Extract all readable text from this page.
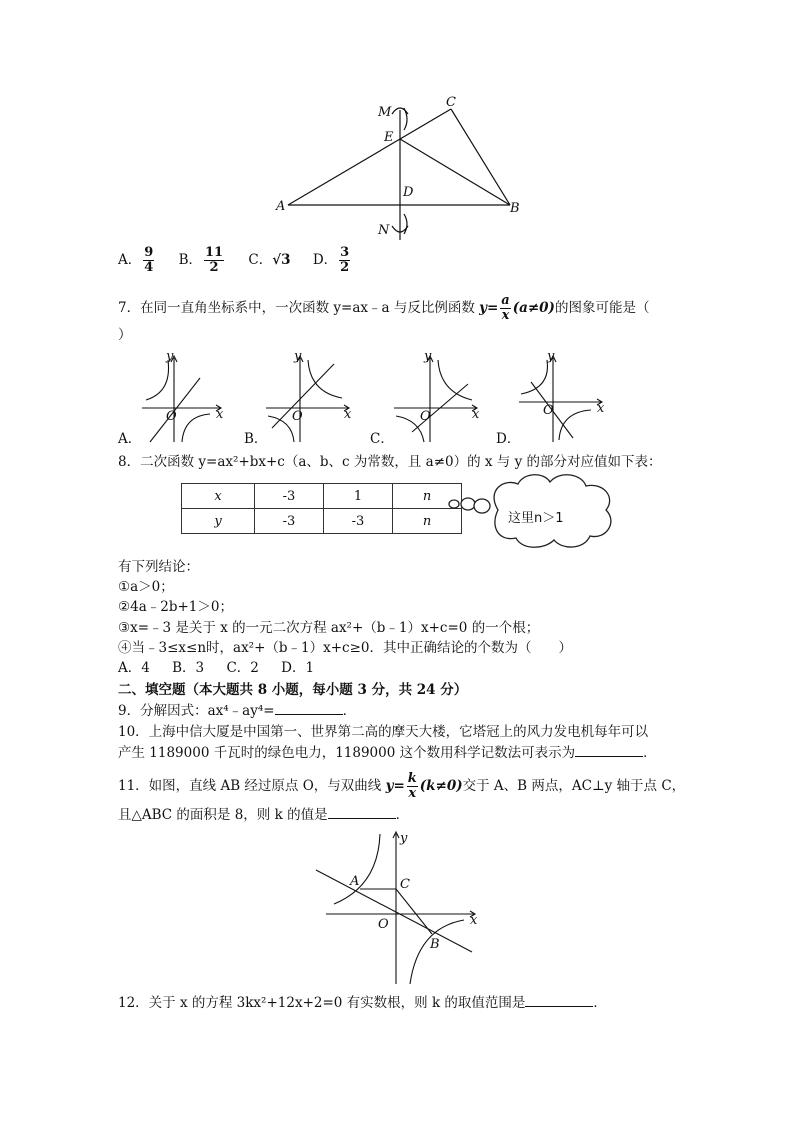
M
C
E
D
A	B
N
A． $\frac{9}{4}$ B． $\frac{11}{2}$ C．√3 D． $\frac{3}{2}$
7．在同一直角坐标系中，一次函数 y=ax﹣a 与反比例函数 $y= \frac{a}{x} (a\ne 0)$的图象可能是（
）
y
x
O
y
x
O
y
x
O
y
x
O
A．	B．	C．	D．
8．二次函数 y=ax²+bx+c（a、b、c 为常数，且 a≠0）的 x 与 y 的部分对应值如下表：
x	-3	1	n
y	-3	-3	n	这里n＞1
有下列结论：
①a＞0；
②4a﹣2b+1＞0；
③x=﹣3 是关于 x 的一元二次方程 ax²+（b﹣1）x+c=0 的一个根；
④当﹣3≤x≤n时，ax²+（b﹣1）x+c≥0．其中正确结论的个数为（　　）
A．4 B．3 C．2 D．1
二、填空题（本大题共 8 小题，每小题 3 分，共 24 分）
9．分解因式：ax⁴﹣ay⁴=	．
10．上海中信大厦是中国第一、世界第二高的摩天大楼，它塔冠上的风力发电机每年可以
产生 1189000 千瓦时的绿色电力，1189000 这个数用科学记数法可表示为	．
11．如图，直线 AB 经过原点 O，与双曲线 $y= \frac{k}{x} (k\ne 0)$交于 A、B 两点，AC⊥y 轴于点 C，
且△ABC 的面积是 8，则 k 的值是	．
y
A	C
O	x
B
12．关于 x 的方程 3kx²+12x+2=0 有实数根，则 k 的取值范围是	．
